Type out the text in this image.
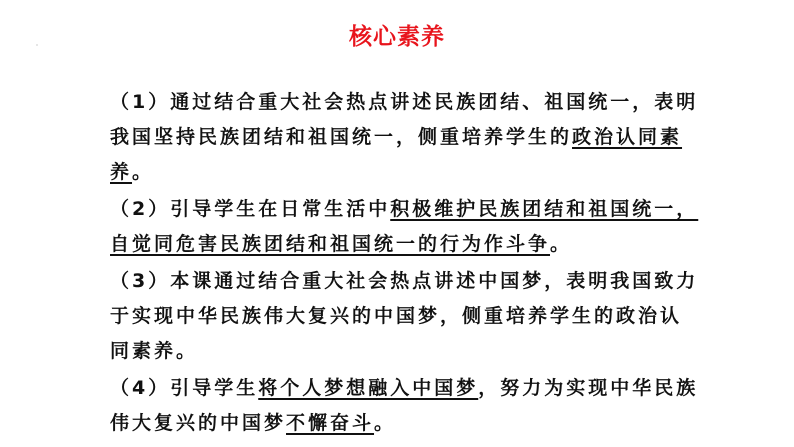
核心素养

（1）通过结合重大社会热点讲述民族团结、祖国统一，表明我国坚持民族团结和祖国统一，侧重培养学生的政治认同素养。

（2）引导学生在日常生活中积极维护民族团结和祖国统一，自觉同危害民族团结和祖国统一的行为作斗争。

（3）本课通过结合重大社会热点讲述中国梦，表明我国致力于实现中华民族伟大复兴的中国梦，侧重培养学生的政治认同素养。

（4）引导学生将个人梦想融入中国梦，努力为实现中华民族伟大复兴的中国梦不懈奋斗。
